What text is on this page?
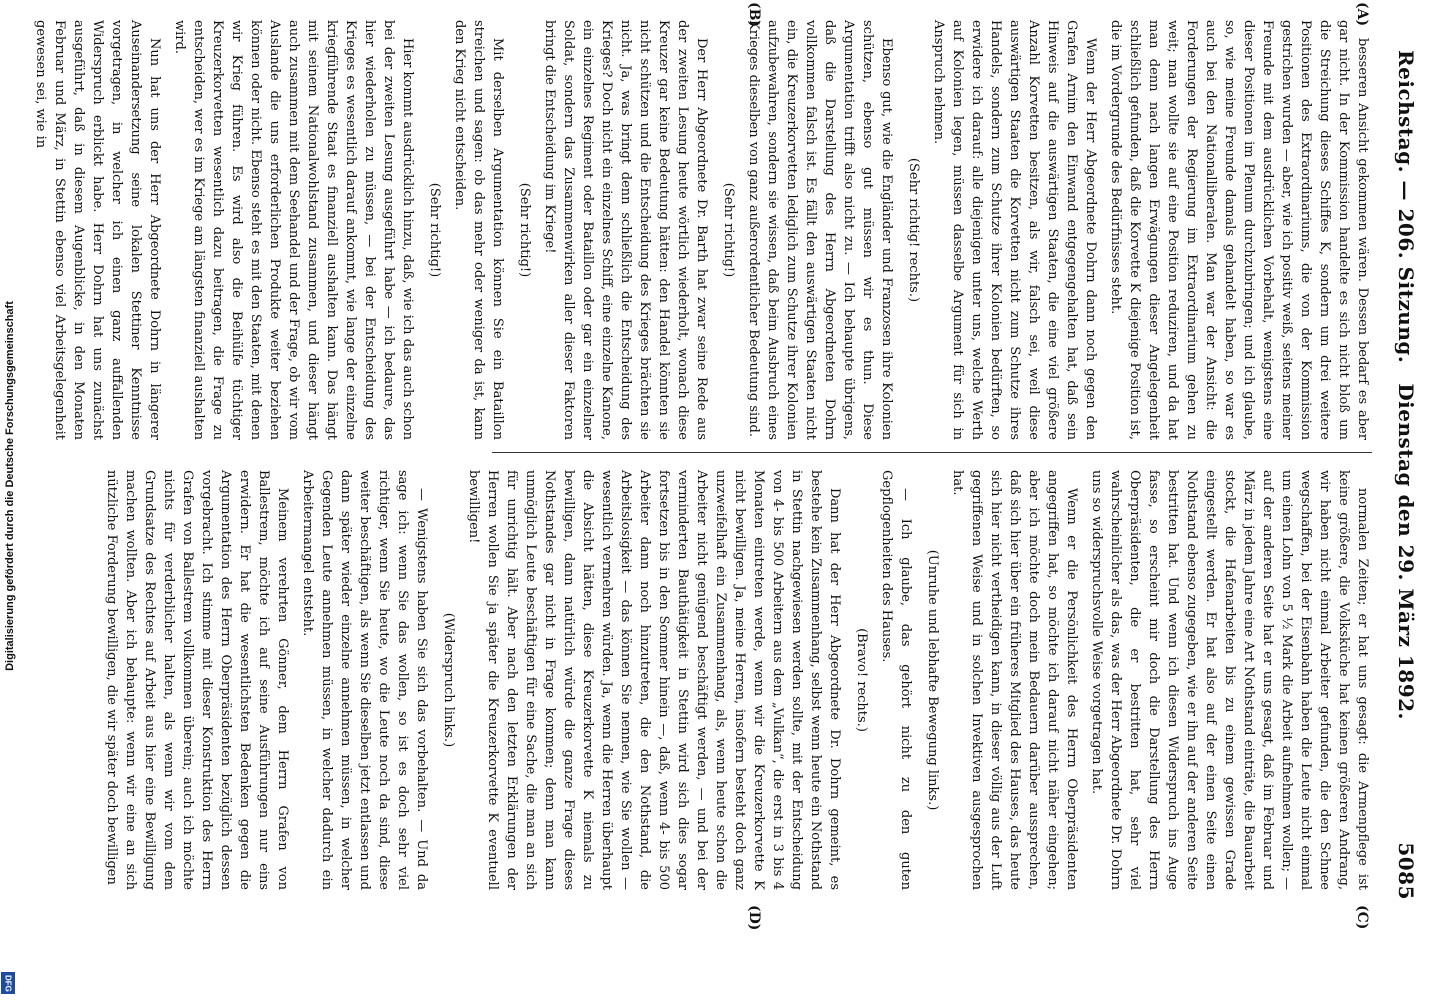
Reichstag. — 206. Sitzung.
Dienstag den 29. März 1892.
5085
(A)
(B)
(C)
(D)

besseren Ansicht gekommen wären. Dessen bedarf es aber gar nicht. In der Kommission handelte es sich nicht bloß um die Streichung dieses Schiffes K, sondern um drei weitere Positionen des Extraordinariums, die von der Kommission gestrichen wurden — aber, wie ich positiv weiß, seitens meiner Freunde mit dem ausdrücklichen Vorbehalt, wenigstens eine dieser Positionen im Plenum durchzubringen; und ich glaube, so, wie meine Freunde damals gehandelt haben, so war es auch bei den Nationalliberalen. Man war der Ansicht: die Forderungen der Regierung im Extraordinarium gehen zu weit; man wollte sie auf eine Position reduziren, und da hat man denn nach langen Erwägungen dieser Angelegenheit schließlich gefunden, daß die Korvette K diejenige Position ist, die im Vordergrunde des Bedürfnisses steht.

Wenn der Herr Abgeordnete Dohrn dann noch gegen den Grafen Arnim den Einwand entgegengehalten hat, daß sein Hinweis auf die auswärtigen Staaten, die eine viel größere Anzahl Korvetten besitzen, als wir, falsch sei, weil diese auswärtigen Staaten die Korvetten nicht zum Schutze ihres Handels, sondern zum Schutze ihrer Kolonien bedürften, so erwidere ich darauf: alle diejenigen unter uns, welche Werth auf Kolonien legen, müssen dasselbe Argument für sich in Anspruch nehmen.

(Sehr richtig! rechts.)

Ebenso gut, wie die Engländer und Franzosen ihre Kolonien schützen, ebenso gut müssen wir es thun. Diese Argumentation trifft also nicht zu. — Ich behaupte übrigens, daß die Darstellung des Herrn Abgeordneten Dohrn vollkommen falsch ist. Es fällt den auswärtigen Staaten nicht ein, die Kreuzerkorvetten lediglich zum Schutze ihrer Kolonien aufzubewahren, sondern sie wissen, daß beim Ausbruch eines Krieges dieselben von ganz außerordentlicher Bedeutung sind.

(Sehr richtig!)

Der Herr Abgeordnete Dr. Barth hat zwar seine Rede aus der zweiten Lesung heute wörtlich wiederholt, wonach diese Kreuzer gar keine Bedeutung hätten: den Handel könnten sie nicht schützen und die Entscheidung des Krieges brächten sie nicht. Ja, was bringt denn schließlich die Entscheidung des Krieges? Doch nicht ein einzelnes Schiff, eine einzelne Kanone, ein einzelnes Regiment oder Bataillon oder gar ein einzelner Soldat, sondern das Zusammenwirken aller dieser Faktoren bringt die Entscheidung im Kriege!

(Sehr richtig!)

Mit derselben Argumentation können Sie ein Bataillon streichen und sagen: ob das mehr oder weniger da ist, kann den Krieg nicht entscheiden.

(Sehr richtig!)

Hier kommt ausdrücklich hinzu, daß, wie ich das auch schon bei der zweiten Lesung ausgeführt habe — ich bedaure, das hier wiederholen zu müssen, — bei der Entscheidung des Krieges es wesentlich darauf ankommt, wie lange der einzelne kriegführende Staat es finanziell aushalten kann. Das hängt mit seinem Nationalwohlstand zusammen, und dieser hängt auch zusammen mit dem Seehandel und der Frage, ob wir vom Auslande die uns erforderlichen Produkte weiter beziehen können oder nicht. Ebenso steht es mit den Staaten, mit denen wir Krieg führen. Es wird also die Beihülfe tüchtiger Kreuzerkorvetten wesentlich dazu beitragen, die Frage zu entscheiden, wer es im Kriege am längsten finanziell aushalten wird.

Nun hat uns der Herr Abgeordnete Dohrn in längerer Auseinandersetzung seine lokalen Stettiner Kenntnisse vorgetragen, in welcher ich einen ganz auffallenden Widerspruch erblickt habe. Herr Dohrn hat uns zunächst ausgeführt, daß in diesem Augenblicke, in den Monaten Februar und März, in Stettin ebenso viel Arbeitsgelegenheit gewesen sei, wie in

normalen Zeiten; er hat uns gesagt: die Armenpflege ist keine größere, die Volksküche hat keinen größeren Andrang, wir haben nicht einmal Arbeiter gefunden, die den Schnee wegschaffen, bei der Eisenbahn haben die Leute nicht einmal um einen Lohn von 5 ½ Mark die Arbeit aufnehmen wollen; — auf der anderen Seite hat er uns gesagt, daß im Februar und März in jedem Jahre eine Art Nothstand einträte, die Bauarbeit stockt, die Hafenarbeiten bis zu einem gewissen Grade eingestellt werden. Er hat also auf der einen Seite einen Nothstand ebenso zugegeben, wie er ihn auf der anderen Seite bestritten hat. Und wenn ich diesen Widerspruch ins Auge fasse, so erscheint mir doch die Darstellung des Herrn Oberpräsidenten, die er bestritten hat, sehr viel wahrscheinlicher als das, was der Herr Abgeordnete Dr. Dohrn uns so widerspruchsvolle Weise vorgetragen hat.

Wenn er die Persönlichkeit des Herrn Oberpräsidenten angegriffen hat, so möchte ich darauf nicht näher eingehen; aber ich möchte doch mein Bedauern darüber aussprechen, daß sich hier über ein früheres Mitglied des Hauses, das heute sich hier nicht vertheidigen kann, in dieser völlig aus der Luft gegriffenen Weise und in solchen Invektiven ausgesprochen hat.

(Unruhe und lebhafte Bewegung links.)

— Ich glaube, das gehört nicht zu den guten Gepflogenheiten des Hauses.

(Bravo! rechts.)

Dann hat der Herr Abgeordnete Dr. Dohrn gemeint, es bestehe kein Zusammenhang, selbst wenn heute ein Nothstand in Stettin nachgewiesen werden sollte, mit der Entscheidung von 4- bis 500 Arbeitern aus dem „Vulkan“, die erst in 3 bis 4 Monaten eintreten werde, wenn wir die Kreuzerkorvette K nicht bewilligen. Ja, meine Herren, insofern besteht doch ganz unzweifelhaft ein Zusammenhang, als, wenn heute schon die Arbeiter nicht genügend beschäftigt werden, — und bei der verminderten Bauthätigkeit in Stettin wird sich dies sogar fortsetzen bis in den Sommer hinein —, daß, wenn 4- bis 500 Arbeiter dann noch hinzutreten, die den Nothstand, die Arbeitslosigkeit — das können Sie nennen, wie Sie wollen — wesentlich vermehren würden. Ja, wenn die Herren überhaupt die Absicht hätten, diese Kreuzerkorvette K niemals zu bewilligen, dann natürlich würde die ganze Frage dieses Nothstandes gar nicht in Frage kommen; denn man kann unmöglich Leute beschäftigen für eine Sache, die man an sich für unrichtig hält. Aber nach den letzten Erklärungen der Herren wollen Sie ja später die Kreuzerkorvette K eventuell bewilligen!

(Widerspruch links.)

— Wenigstens haben Sie sich das vorbehalten. — Und da sage ich: wenn Sie das wollen, so ist es doch sehr viel richtiger, wenn Sie heute, wo die Leute noch da sind, diese weiter beschäftigen, als wenn Sie dieselben jetzt entlassen und dann später wieder einzelne annehmen müssen, in welcher Gegenden Leute annehmen müssen, in welcher dadurch ein Arbeitermangel entsteht.

Meinem verehrten Gönner, dem Herrn Grafen von Ballestrem, möchte ich auf seine Ausführungen nur eins erwidern. Er hat die wesentlichsten Bedenken gegen die Argumentation des Herrn Oberpräsidenten bezüglich dessen vorgebracht. Ich stimme mit dieser Konstruktion des Herrn Grafen von Ballestrem vollkommen überein; auch ich möchte nichts für verderblicher halten, als wenn wir vom dem Grundsatze des Rechtes auf Arbeit aus hier eine Bewilligung machen wollten. Aber ich behaupte: wenn wir eine an sich nützliche Forderung bewilligen, die wir später doch bewilligen

Digitalisierung gefördert durch die Deutsche Forschungsgemeinschaft
DFG
